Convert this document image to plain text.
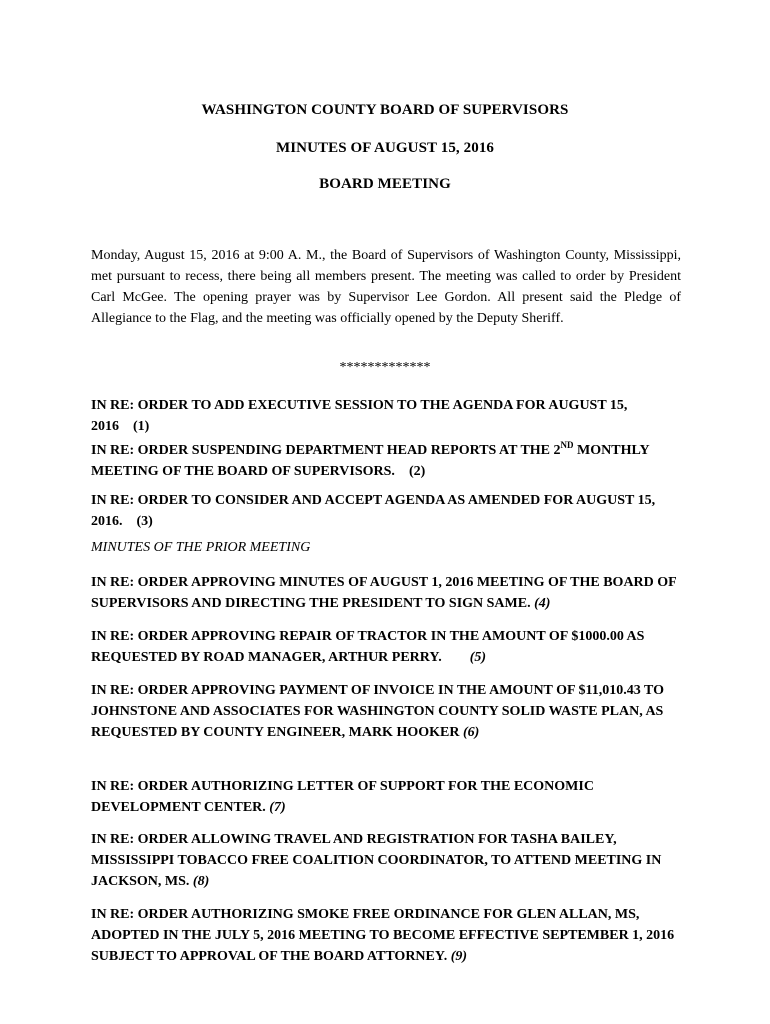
WASHINGTON COUNTY BOARD OF SUPERVISORS
MINUTES OF AUGUST 15, 2016
BOARD MEETING
Monday, August 15, 2016 at 9:00 A. M., the Board of Supervisors of Washington County, Mississippi, met pursuant to recess, there being all members present. The meeting was called to order by President Carl McGee. The opening prayer was by Supervisor Lee Gordon. All present said the Pledge of Allegiance to the Flag, and the meeting was officially opened by the Deputy Sheriff.
*************
IN RE: ORDER TO ADD EXECUTIVE SESSION TO THE AGENDA FOR AUGUST 15, 2016 (1)
IN RE: ORDER SUSPENDING DEPARTMENT HEAD REPORTS AT THE 2ND MONTHLY MEETING OF THE BOARD OF SUPERVISORS. (2)
IN RE: ORDER TO CONSIDER AND ACCEPT AGENDA AS AMENDED FOR AUGUST 15, 2016. (3)
MINUTES OF THE PRIOR MEETING
IN RE: ORDER APPROVING MINUTES OF AUGUST 1, 2016 MEETING OF THE BOARD OF SUPERVISORS AND DIRECTING THE PRESIDENT TO SIGN SAME. (4)
IN RE: ORDER APPROVING REPAIR OF TRACTOR IN THE AMOUNT OF $1000.00 AS REQUESTED BY ROAD MANAGER, ARTHUR PERRY. (5)
IN RE: ORDER APPROVING PAYMENT OF INVOICE IN THE AMOUNT OF $11,010.43 TO JOHNSTONE AND ASSOCIATES FOR WASHINGTON COUNTY SOLID WASTE PLAN, AS REQUESTED BY COUNTY ENGINEER, MARK HOOKER (6)
IN RE: ORDER AUTHORIZING LETTER OF SUPPORT FOR THE ECONOMIC DEVELOPMENT CENTER. (7)
IN RE: ORDER ALLOWING TRAVEL AND REGISTRATION FOR TASHA BAILEY, MISSISSIPPI TOBACCO FREE COALITION COORDINATOR, TO ATTEND MEETING IN JACKSON, MS. (8)
IN RE: ORDER AUTHORIZING SMOKE FREE ORDINANCE FOR GLEN ALLAN, MS, ADOPTED IN THE JULY 5, 2016 MEETING TO BECOME EFFECTIVE SEPTEMBER 1, 2016 SUBJECT TO APPROVAL OF THE BOARD ATTORNEY. (9)
